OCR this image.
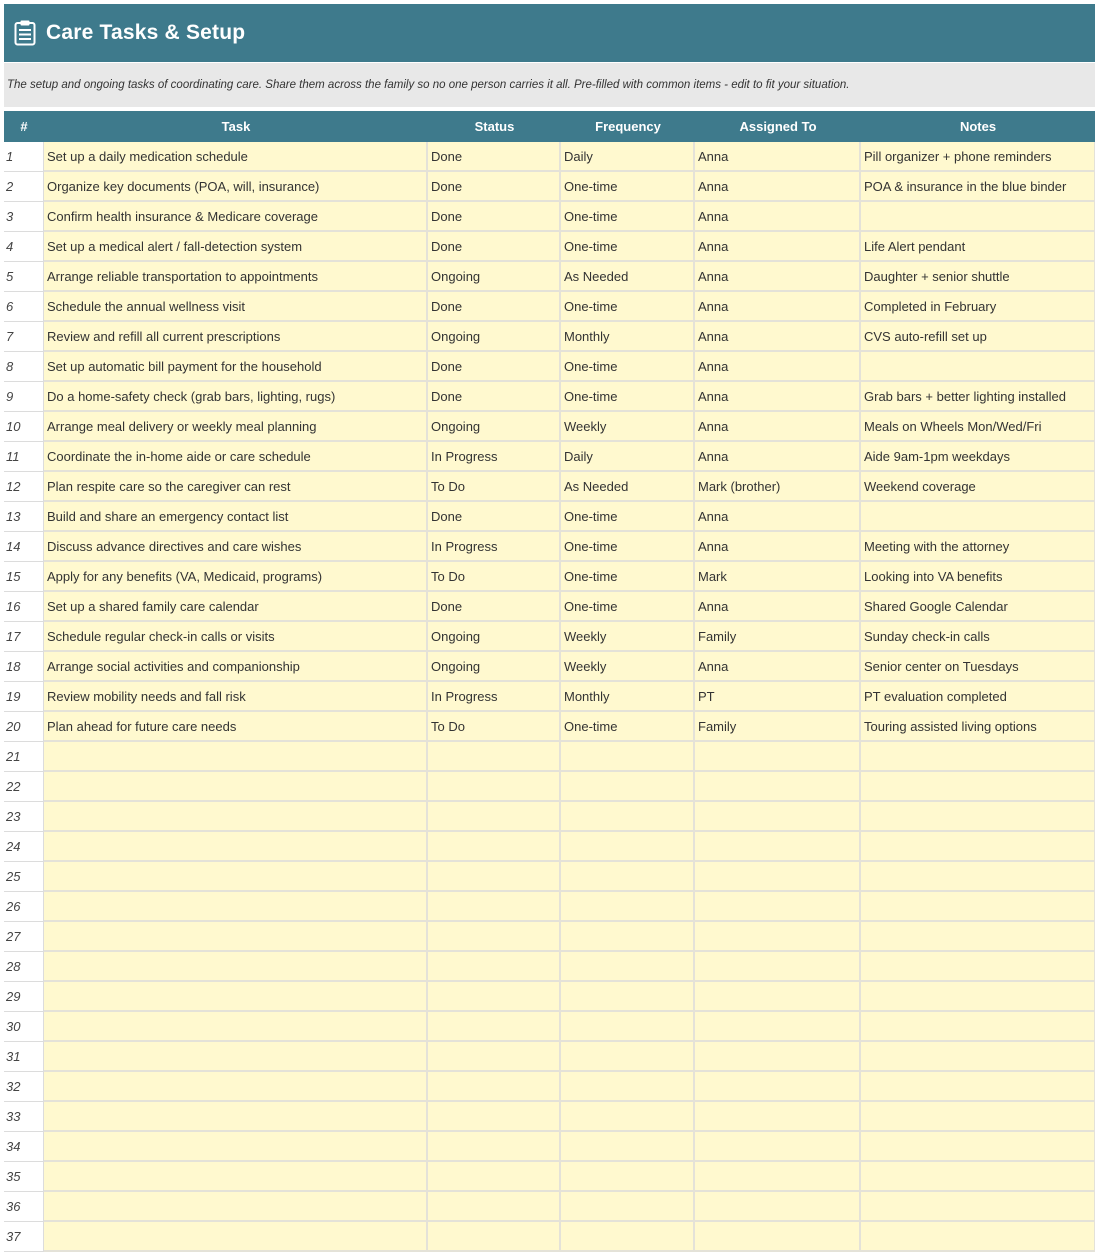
Care Tasks & Setup
The setup and ongoing tasks of coordinating care. Share them across the family so no one person carries it all. Pre-filled with common items - edit to fit your situation.
#	Task	Status	Frequency	Assigned To	Notes
1	Set up a daily medication schedule	Done	Daily	Anna	Pill organizer + phone reminders
2	Organize key documents (POA, will, insurance)	Done	One-time	Anna	POA & insurance in the blue binder
3	Confirm health insurance & Medicare coverage	Done	One-time	Anna	
4	Set up a medical alert / fall-detection system	Done	One-time	Anna	Life Alert pendant
5	Arrange reliable transportation to appointments	Ongoing	As Needed	Anna	Daughter + senior shuttle
6	Schedule the annual wellness visit	Done	One-time	Anna	Completed in February
7	Review and refill all current prescriptions	Ongoing	Monthly	Anna	CVS auto-refill set up
8	Set up automatic bill payment for the household	Done	One-time	Anna	
9	Do a home-safety check (grab bars, lighting, rugs)	Done	One-time	Anna	Grab bars + better lighting installed
10	Arrange meal delivery or weekly meal planning	Ongoing	Weekly	Anna	Meals on Wheels Mon/Wed/Fri
11	Coordinate the in-home aide or care schedule	In Progress	Daily	Anna	Aide 9am-1pm weekdays
12	Plan respite care so the caregiver can rest	To Do	As Needed	Mark (brother)	Weekend coverage
13	Build and share an emergency contact list	Done	One-time	Anna	
14	Discuss advance directives and care wishes	In Progress	One-time	Anna	Meeting with the attorney
15	Apply for any benefits (VA, Medicaid, programs)	To Do	One-time	Mark	Looking into VA benefits
16	Set up a shared family care calendar	Done	One-time	Anna	Shared Google Calendar
17	Schedule regular check-in calls or visits	Ongoing	Weekly	Family	Sunday check-in calls
18	Arrange social activities and companionship	Ongoing	Weekly	Anna	Senior center on Tuesdays
19	Review mobility needs and fall risk	In Progress	Monthly	PT	PT evaluation completed
20	Plan ahead for future care needs	To Do	One-time	Family	Touring assisted living options
21					
22					
23					
24					
25					
26					
27					
28					
29					
30					
31					
32					
33					
34					
35					
36					
37					
